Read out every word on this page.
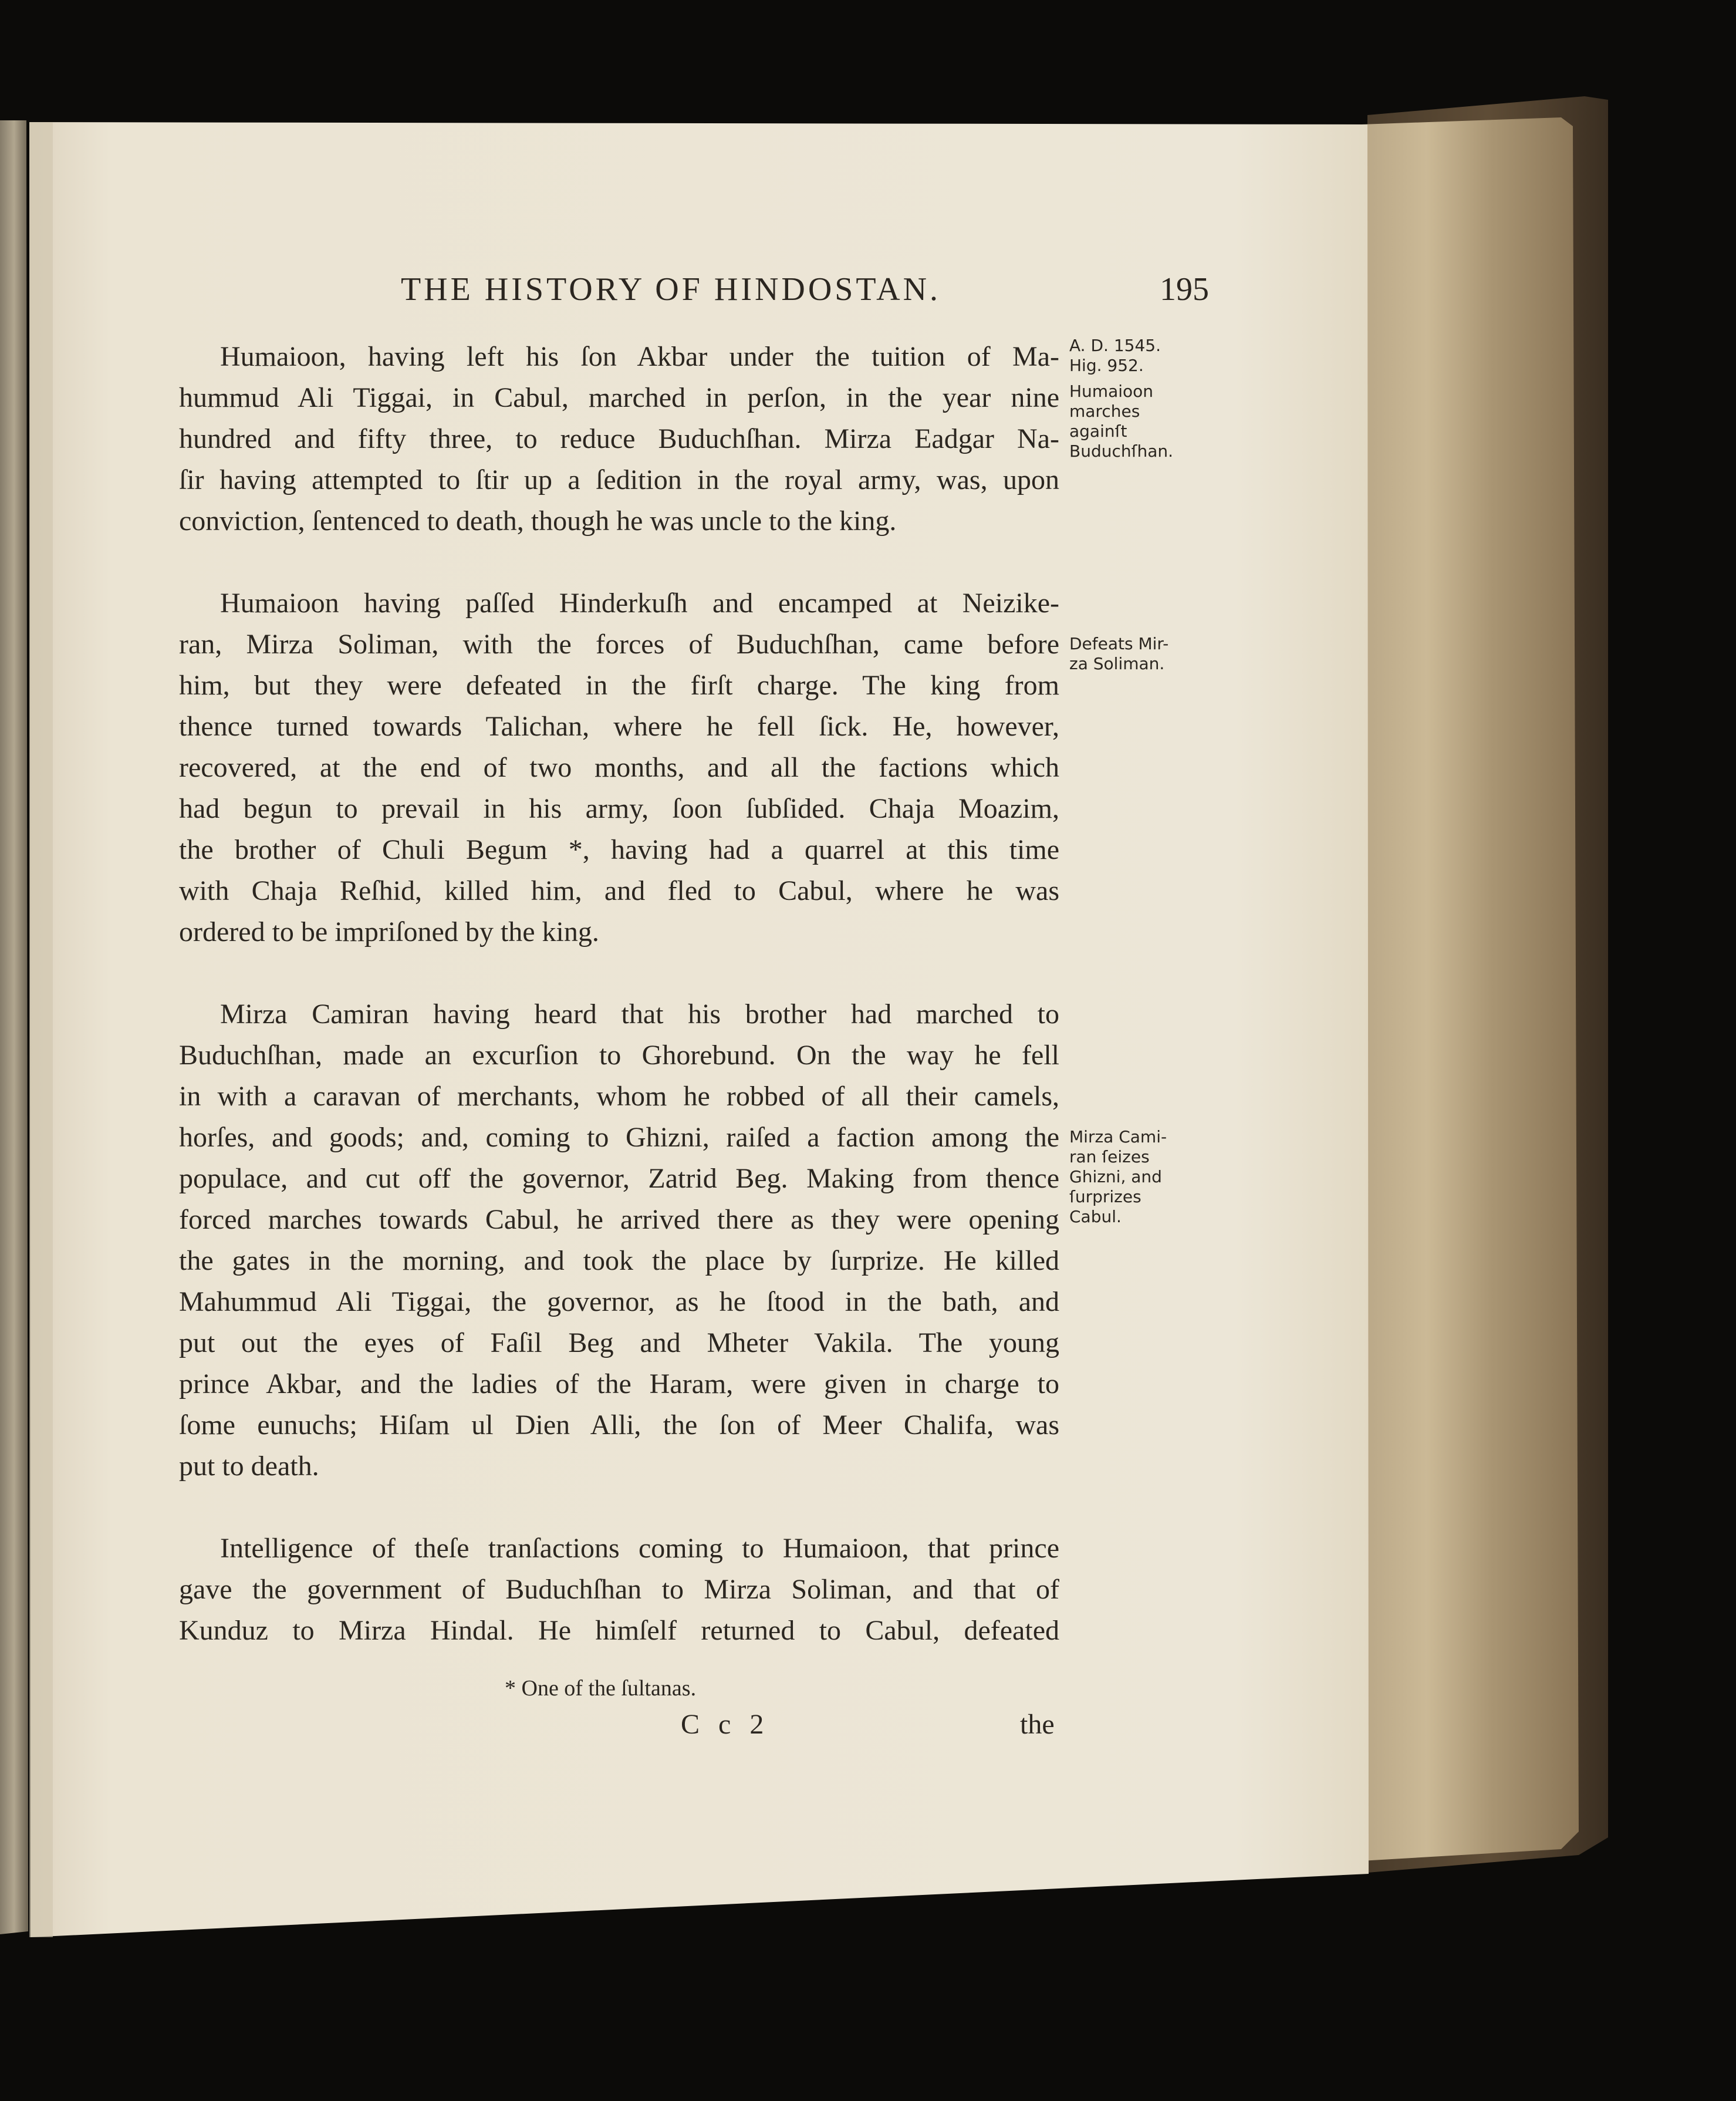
THE HISTORY OF HINDOSTAN.	195
Humaioon, having left his ſon Akbar under the tuition of Ma-
hummud Ali Tiggai, in Cabul, marched in perſon, in the year nine
hundred and fifty three, to reduce Buduchſhan. Mirza Eadgar Na-
ſir having attempted to ſtir up a ſedition in the royal army, was, upon
conviction, ſentenced to death, though he was uncle to the king.
Humaioon having paſſed Hinderkuſh and encamped at Neizike-
ran, Mirza Soliman, with the forces of Buduchſhan, came before
him, but they were defeated in the firſt charge. The king from
thence turned towards Talichan, where he fell ſick. He, however,
recovered, at the end of two months, and all the factions which
had begun to prevail in his army, ſoon ſubſided. Chaja Moazim,
the brother of Chuli Begum *, having had a quarrel at this time
with Chaja Reſhid, killed him, and fled to Cabul, where he was
ordered to be impriſoned by the king.
Mirza Camiran having heard that his brother had marched to
Buduchſhan, made an excurſion to Ghorebund. On the way he fell
in with a caravan of merchants, whom he robbed of all their camels,
horſes, and goods; and, coming to Ghizni, raiſed a faction among the
populace, and cut off the governor, Zatrid Beg. Making from thence
forced marches towards Cabul, he arrived there as they were opening
the gates in the morning, and took the place by ſurprize. He killed
Mahummud Ali Tiggai, the governor, as he ſtood in the bath, and
put out the eyes of Faſil Beg and Mheter Vakila. The young
prince Akbar, and the ladies of the Haram, were given in charge to
ſome eunuchs; Hiſam ul Dien Alli, the ſon of Meer Chalifa, was
put to death.
Intelligence of theſe tranſactions coming to Humaioon, that prince
gave the government of Buduchſhan to Mirza Soliman, and that of
Kunduz to Mirza Hindal. He himſelf returned to Cabul, defeated
A. D. 1545.
Hig. 952.
Humaioon
marches
againſt
Buduchſhan.
Defeats Mir-
za Soliman.
Mirza Cami-
ran ſeizes
Ghizni, and
ſurprizes
Cabul.
* One of the ſultanas.
C c 2	the
